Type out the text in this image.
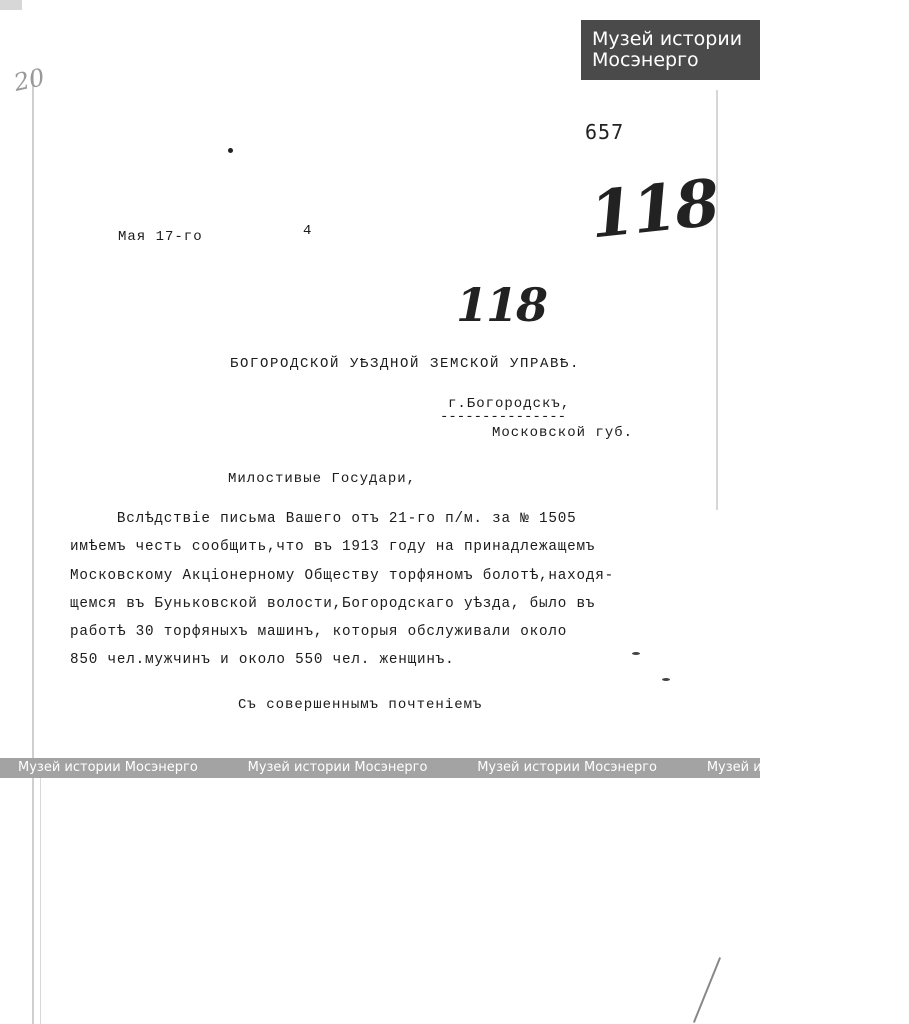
Музей истории
Мосэнерго
20
657
118
118
Мая 17-го	4
БОГОРОДСКОЙ УѢЗДНОЙ ЗЕМСКОЙ УПРАВѢ.
г.Богородскъ,
---------------
Московской губ.
Милостивые Государи,

Вслѣдствіе письма Вашего отъ 21-го п/м. за № 1505

имѣемъ честь сообщить,что въ 1913 году на принадлежащемъ

Московскому Акціонерному Обществу торфяномъ болотѣ,находя-

щемся въ Буньковской волости,Богородскаго уѣзда, было въ

работѣ 30 торфяныхъ машинъ, которыя обслуживали около

850 чел.мужчинъ и около 550 чел. женщинъ.

Съ совершеннымъ почтеніемъ
Музей истории Мосэнерго	Музей истории Мосэнерго	Музей истории Мосэнерго	Музей истории Мосэнерго
